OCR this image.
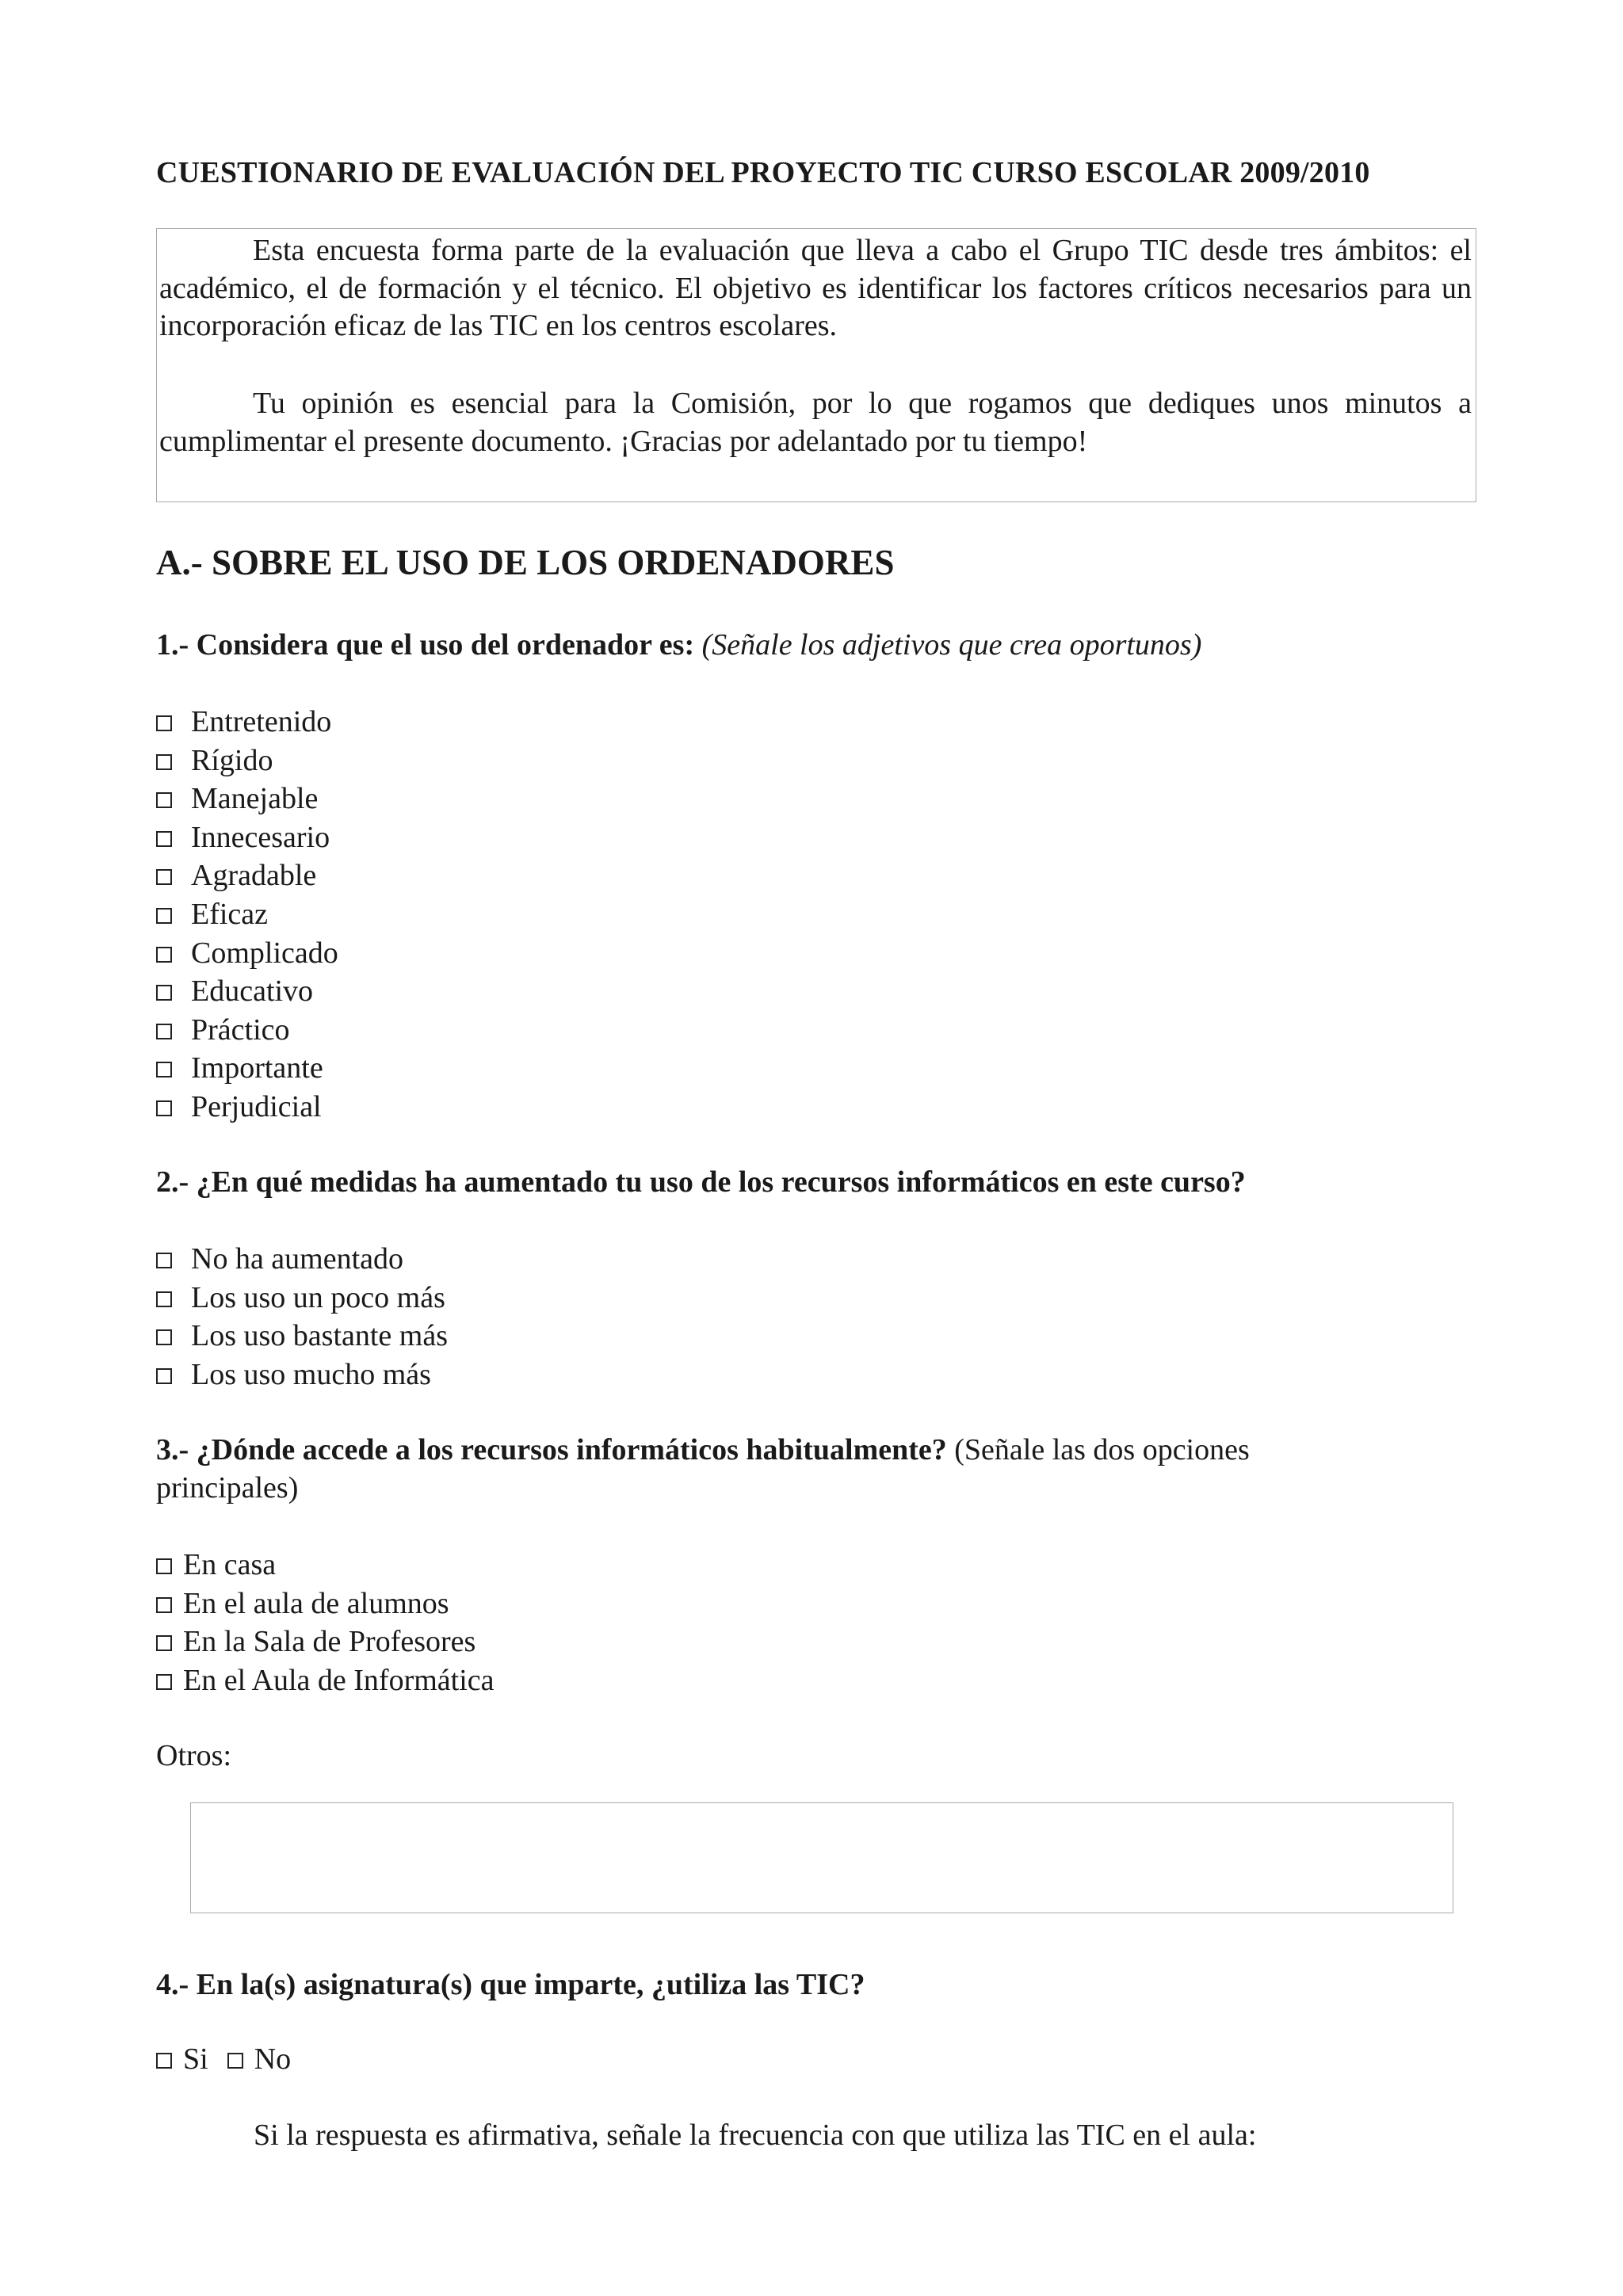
CUESTIONARIO DE EVALUACIÓN DEL PROYECTO TIC CURSO ESCOLAR 2009/2010
Esta encuesta forma parte de la evaluación que lleva a cabo el Grupo TIC desde tres ámbitos: el académico, el de formación y el técnico. El objetivo es identificar los factores críticos necesarios para un incorporación eficaz de las TIC en los centros escolares.
Tu opinión es esencial para la Comisión, por lo que rogamos que dediques unos minutos a cumplimentar el presente documento. ¡Gracias por adelantado por tu tiempo!
A.- SOBRE EL USO DE LOS ORDENADORES
1.- Considera que el uso del ordenador es: (Señale los adjetivos que crea oportunos)
Entretenido
Rígido
Manejable
Innecesario
Agradable
Eficaz
Complicado
Educativo
Práctico
Importante
Perjudicial
2.- ¿En qué medidas ha aumentado tu uso de los recursos informáticos en este curso?
No ha aumentado
Los uso un poco más
Los uso bastante más
Los uso mucho más
3.- ¿Dónde accede a los recursos informáticos habitualmente? (Señale las dos opciones principales)
En casa
En el aula de alumnos
En la Sala de Profesores
En el Aula de Informática
Otros:
4.- En la(s) asignatura(s) que imparte, ¿utiliza las TIC?
Si No
Si la respuesta es afirmativa, señale la frecuencia con que utiliza las TIC en el aula:
